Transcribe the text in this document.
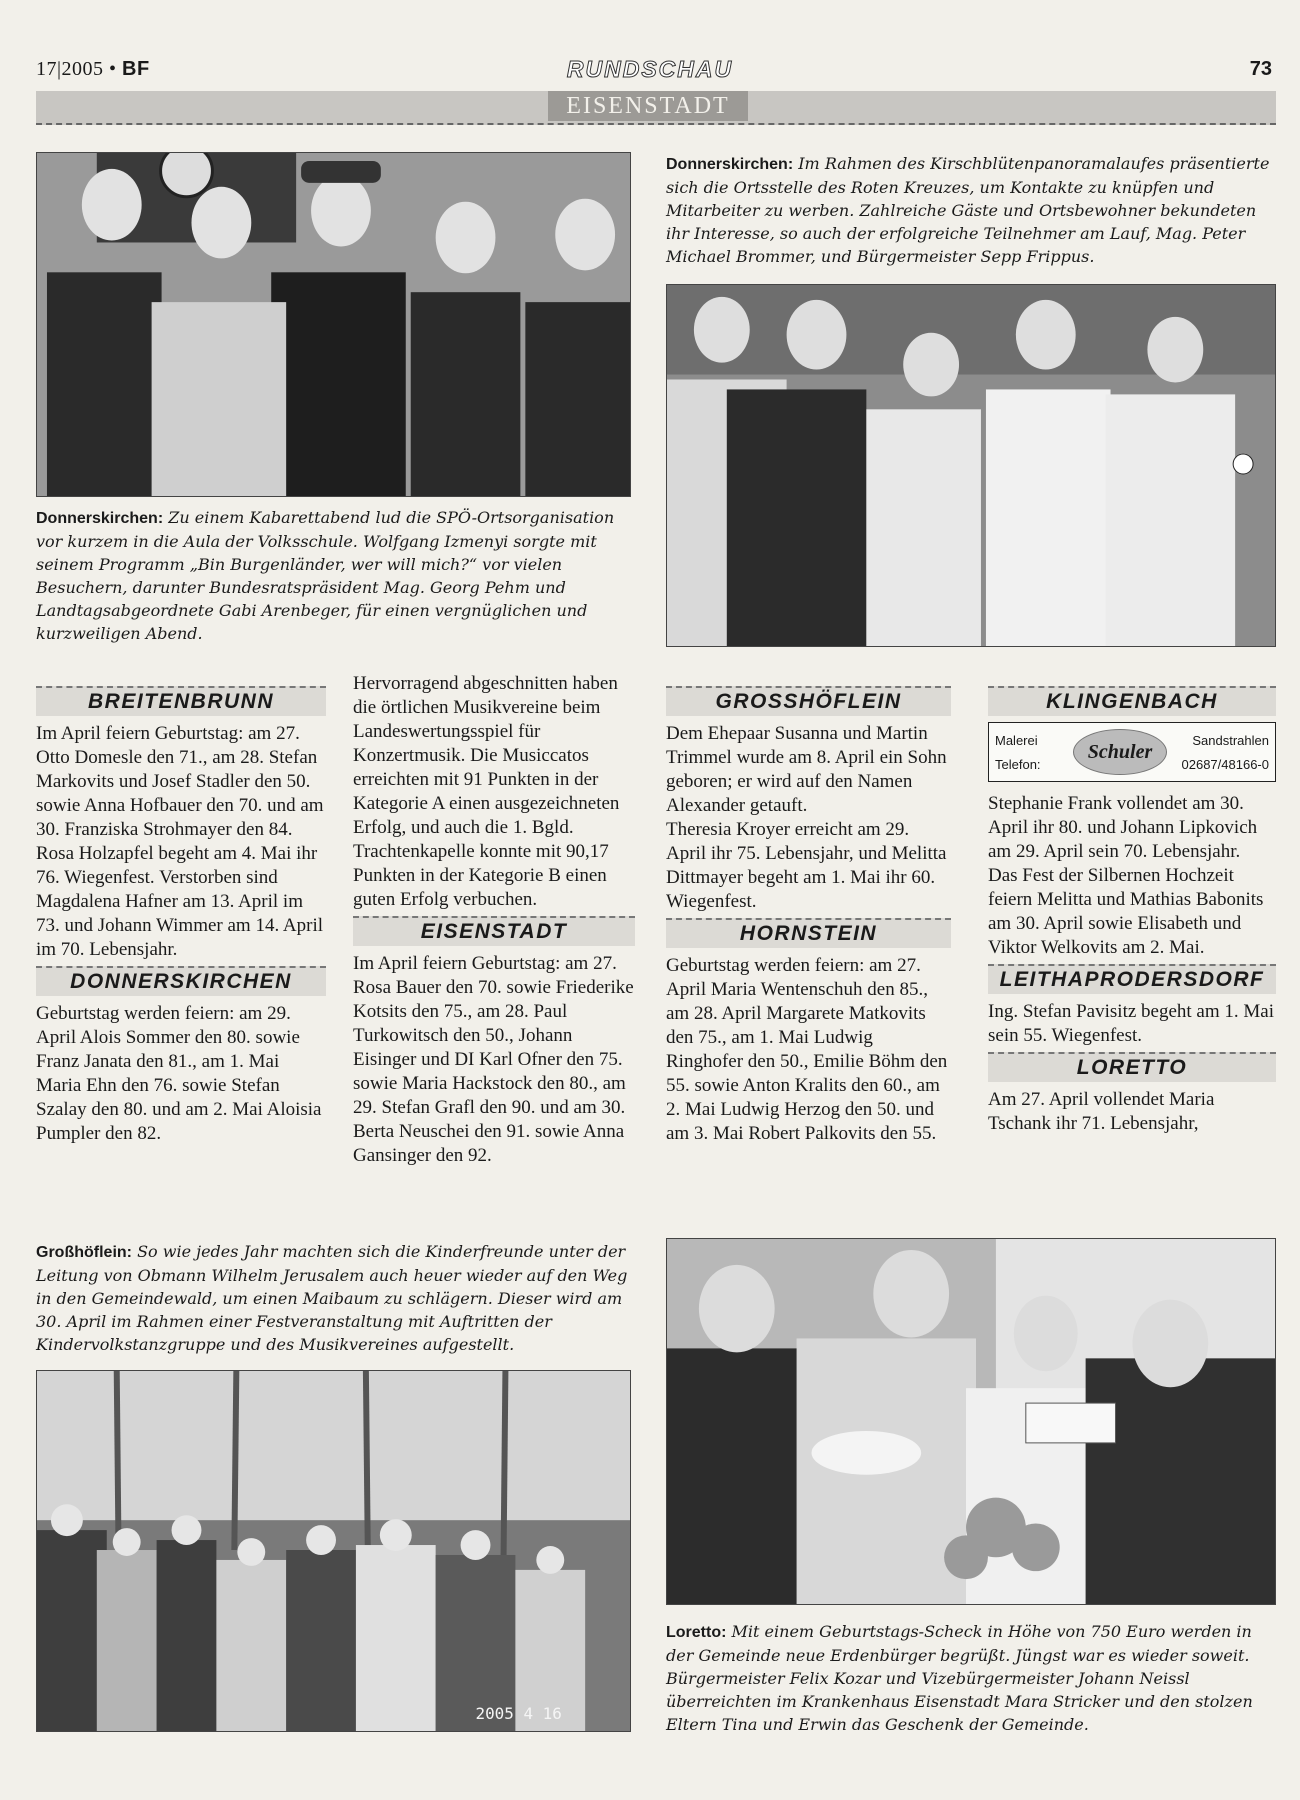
17|2005 • BF	RUNDSCHAU	73
EISENSTADT
Donnerskirchen: Im Rahmen des Kirschblütenpanoramalaufes präsentierte sich die Ortsstelle des Roten Kreuzes, um Kontakte zu knüpfen und Mitarbeiter zu werben. Zahlreiche Gäste und Ortsbewohner bekundeten ihr Interesse, so auch der erfolgreiche Teilnehmer am Lauf, Mag. Peter Michael Brommer, und Bürgermeister Sepp Frippus.
Donnerskirchen: Zu einem Kabarettabend lud die SPÖ-Ortsorganisation vor kurzem in die Aula der Volksschule. Wolfgang Izmenyi sorgte mit seinem Programm „Bin Burgenländer, wer will mich?“ vor vielen Besuchern, darunter Bundesratspräsident Mag. Georg Pehm und Landtagsabgeordnete Gabi Arenbeger, für einen vergnüglichen und kurzweiligen Abend.
BREITENBRUNN

Im April feiern Geburtstag: am 27. Otto Domesle den 71., am 28. Stefan Markovits und Josef Stadler den 50. sowie Anna Hofbauer den 70. und am 30. Franziska Strohmayer den 84. Rosa Holzapfel begeht am 4. Mai ihr 76. Wiegenfest. Verstorben sind Magdalena Hafner am 13. April im 73. und Johann Wimmer am 14. April im 70. Lebensjahr.

DONNERSKIRCHEN

Geburtstag werden feiern: am 29. April Alois Sommer den 80. sowie Franz Janata den 81., am 1. Mai Maria Ehn den 76. sowie Stefan Szalay den 80. und am 2. Mai Aloisia Pumpler den 82.

Hervorragend abgeschnitten haben die örtlichen Musikvereine beim Landeswertungsspiel für Konzertmusik. Die Musiccatos erreichten mit 91 Punkten in der Kategorie A einen ausgezeichneten Erfolg, und auch die 1. Bgld. Trachtenkapelle konnte mit 90,17 Punkten in der Kategorie B einen guten Erfolg verbuchen.

EISENSTADT

Im April feiern Geburtstag: am 27. Rosa Bauer den 70. sowie Friederike Kotsits den 75., am 28. Paul Turkowitsch den 50., Johann Eisinger und DI Karl Ofner den 75. sowie Maria Hackstock den 80., am 29. Stefan Grafl den 90. und am 30. Berta Neuschei den 91. sowie Anna Gansinger den 92.

GROSSHÖFLEIN

Dem Ehepaar Susanna und Martin Trimmel wurde am 8. April ein Sohn geboren; er wird auf den Namen Alexander getauft.

Theresia Kroyer erreicht am 29. April ihr 75. Lebensjahr, und Melitta Dittmayer begeht am 1. Mai ihr 60. Wiegenfest.

HORNSTEIN

Geburtstag werden feiern: am 27. April Maria Wentenschuh den 85., am 28. April Margarete Matkovits den 75., am 1. Mai Ludwig Ringhofer den 50., Emilie Böhm den 55. sowie Anton Kralits den 60., am 2. Mai Ludwig Herzog den 50. und am 3. Mai Robert Palkovits den 55.

KLINGENBACH
Malerei	Sandstrahlen
Telefon:	02687/48166-0
Schuler

Stephanie Frank vollendet am 30. April ihr 80. und Johann Lipkovich am 29. April sein 70. Lebensjahr.

Das Fest der Silbernen Hochzeit feiern Melitta und Mathias Babonits am 30. April sowie Elisabeth und Viktor Welkovits am 2. Mai.

LEITHAPRODERSDORF

Ing. Stefan Pavisitz begeht am 1. Mai sein 55. Wiegenfest.

LORETTO

Am 27. April vollendet Maria Tschank ihr 71. Lebensjahr,

Großhöflein: So wie jedes Jahr machten sich die Kinderfreunde unter der Leitung von Obmann Wilhelm Jerusalem auch heuer wieder auf den Weg in den Gemeindewald, um einen Maibaum zu schlägern. Dieser wird am 30. April im Rahmen einer Festveranstaltung mit Auftritten der Kindervolkstanzgruppe und des Musikvereines aufgestellt.
2005 4 16
Loretto: Mit einem Geburtstags-Scheck in Höhe von 750 Euro werden in der Gemeinde neue Erdenbürger begrüßt. Jüngst war es wieder soweit. Bürgermeister Felix Kozar und Vizebürgermeister Johann Neissl überreichten im Krankenhaus Eisenstadt Mara Stricker und den stolzen Eltern Tina und Erwin das Geschenk der Gemeinde.
